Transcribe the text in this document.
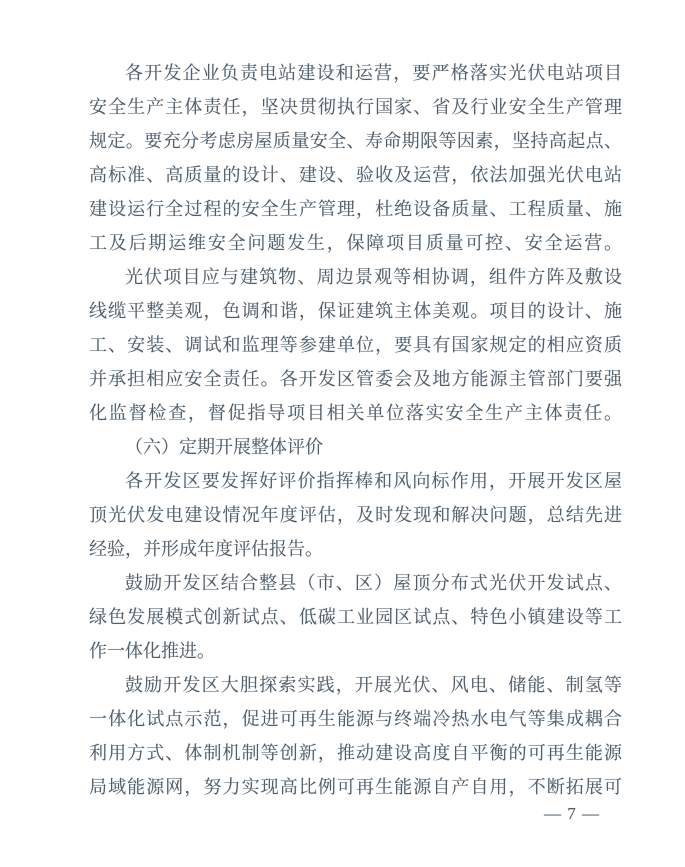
各开发企业负责电站建设和运营，要严格落实光伏电站项目
安全生产主体责任，坚决贯彻执行国家、省及行业安全生产管理
规定。要充分考虑房屋质量安全、寿命期限等因素，坚持高起点、
高标准、高质量的设计、建设、验收及运营，依法加强光伏电站
建设运行全过程的安全生产管理，杜绝设备质量、工程质量、施
工及后期运维安全问题发生，保障项目质量可控、安全运营。
光伏项目应与建筑物、周边景观等相协调，组件方阵及敷设
线缆平整美观，色调和谐，保证建筑主体美观。项目的设计、施
工、安装、调试和监理等参建单位，要具有国家规定的相应资质
并承担相应安全责任。各开发区管委会及地方能源主管部门要强
化监督检查，督促指导项目相关单位落实安全生产主体责任。
（六）定期开展整体评价
各开发区要发挥好评价指挥棒和风向标作用，开展开发区屋
顶光伏发电建设情况年度评估，及时发现和解决问题，总结先进
经验，并形成年度评估报告。
鼓励开发区结合整县（市、区）屋顶分布式光伏开发试点、
绿色发展模式创新试点、低碳工业园区试点、特色小镇建设等工
作一体化推进。
鼓励开发区大胆探索实践，开展光伏、风电、储能、制氢等
一体化试点示范，促进可再生能源与终端冷热水电气等集成耦合
利用方式、体制机制等创新，推动建设高度自平衡的可再生能源
局域能源网，努力实现高比例可再生能源自产自用，不断拓展可
— 7 —
